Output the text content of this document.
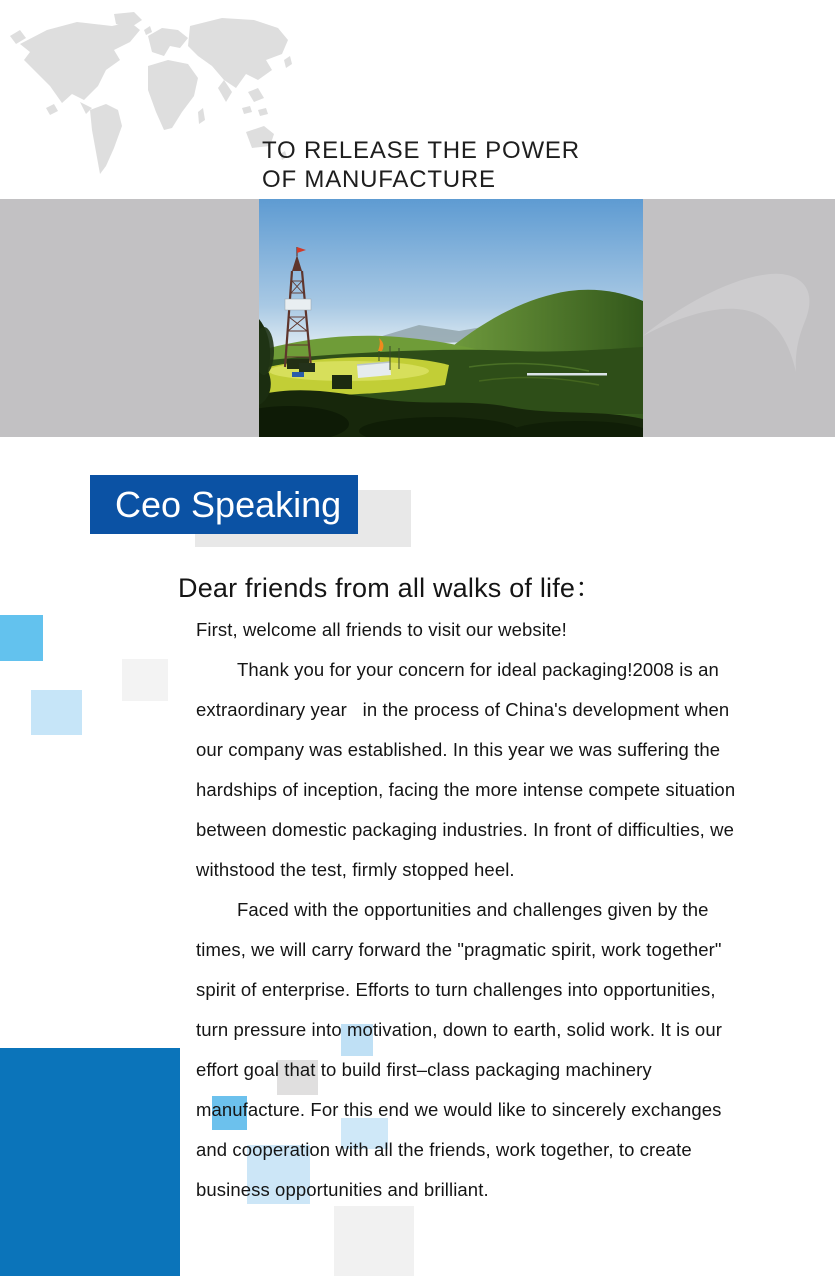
TO RELEASE THE POWER
OF MANUFACTURE
Ceo Speaking
Dear friends from all walks of life：
First, welcome all friends to visit our website!
Thank you for your concern for ideal packaging!2008 is an
extraordinary year   in the process of China's development when
our company was established. In this year we was suffering the
hardships of inception, facing the more intense compete situation
between domestic packaging industries. In front of difficulties, we
withstood the test, firmly stopped heel.
Faced with the opportunities and challenges given by the
times, we will carry forward the "pragmatic spirit, work together"
spirit of enterprise. Efforts to turn challenges into opportunities,
turn pressure into motivation, down to earth, solid work. It is our
effort goal that to build first–class packaging machinery
manufacture. For this end we would like to sincerely exchanges
and cooperation with all the friends, work together, to create
business opportunities and brilliant.
